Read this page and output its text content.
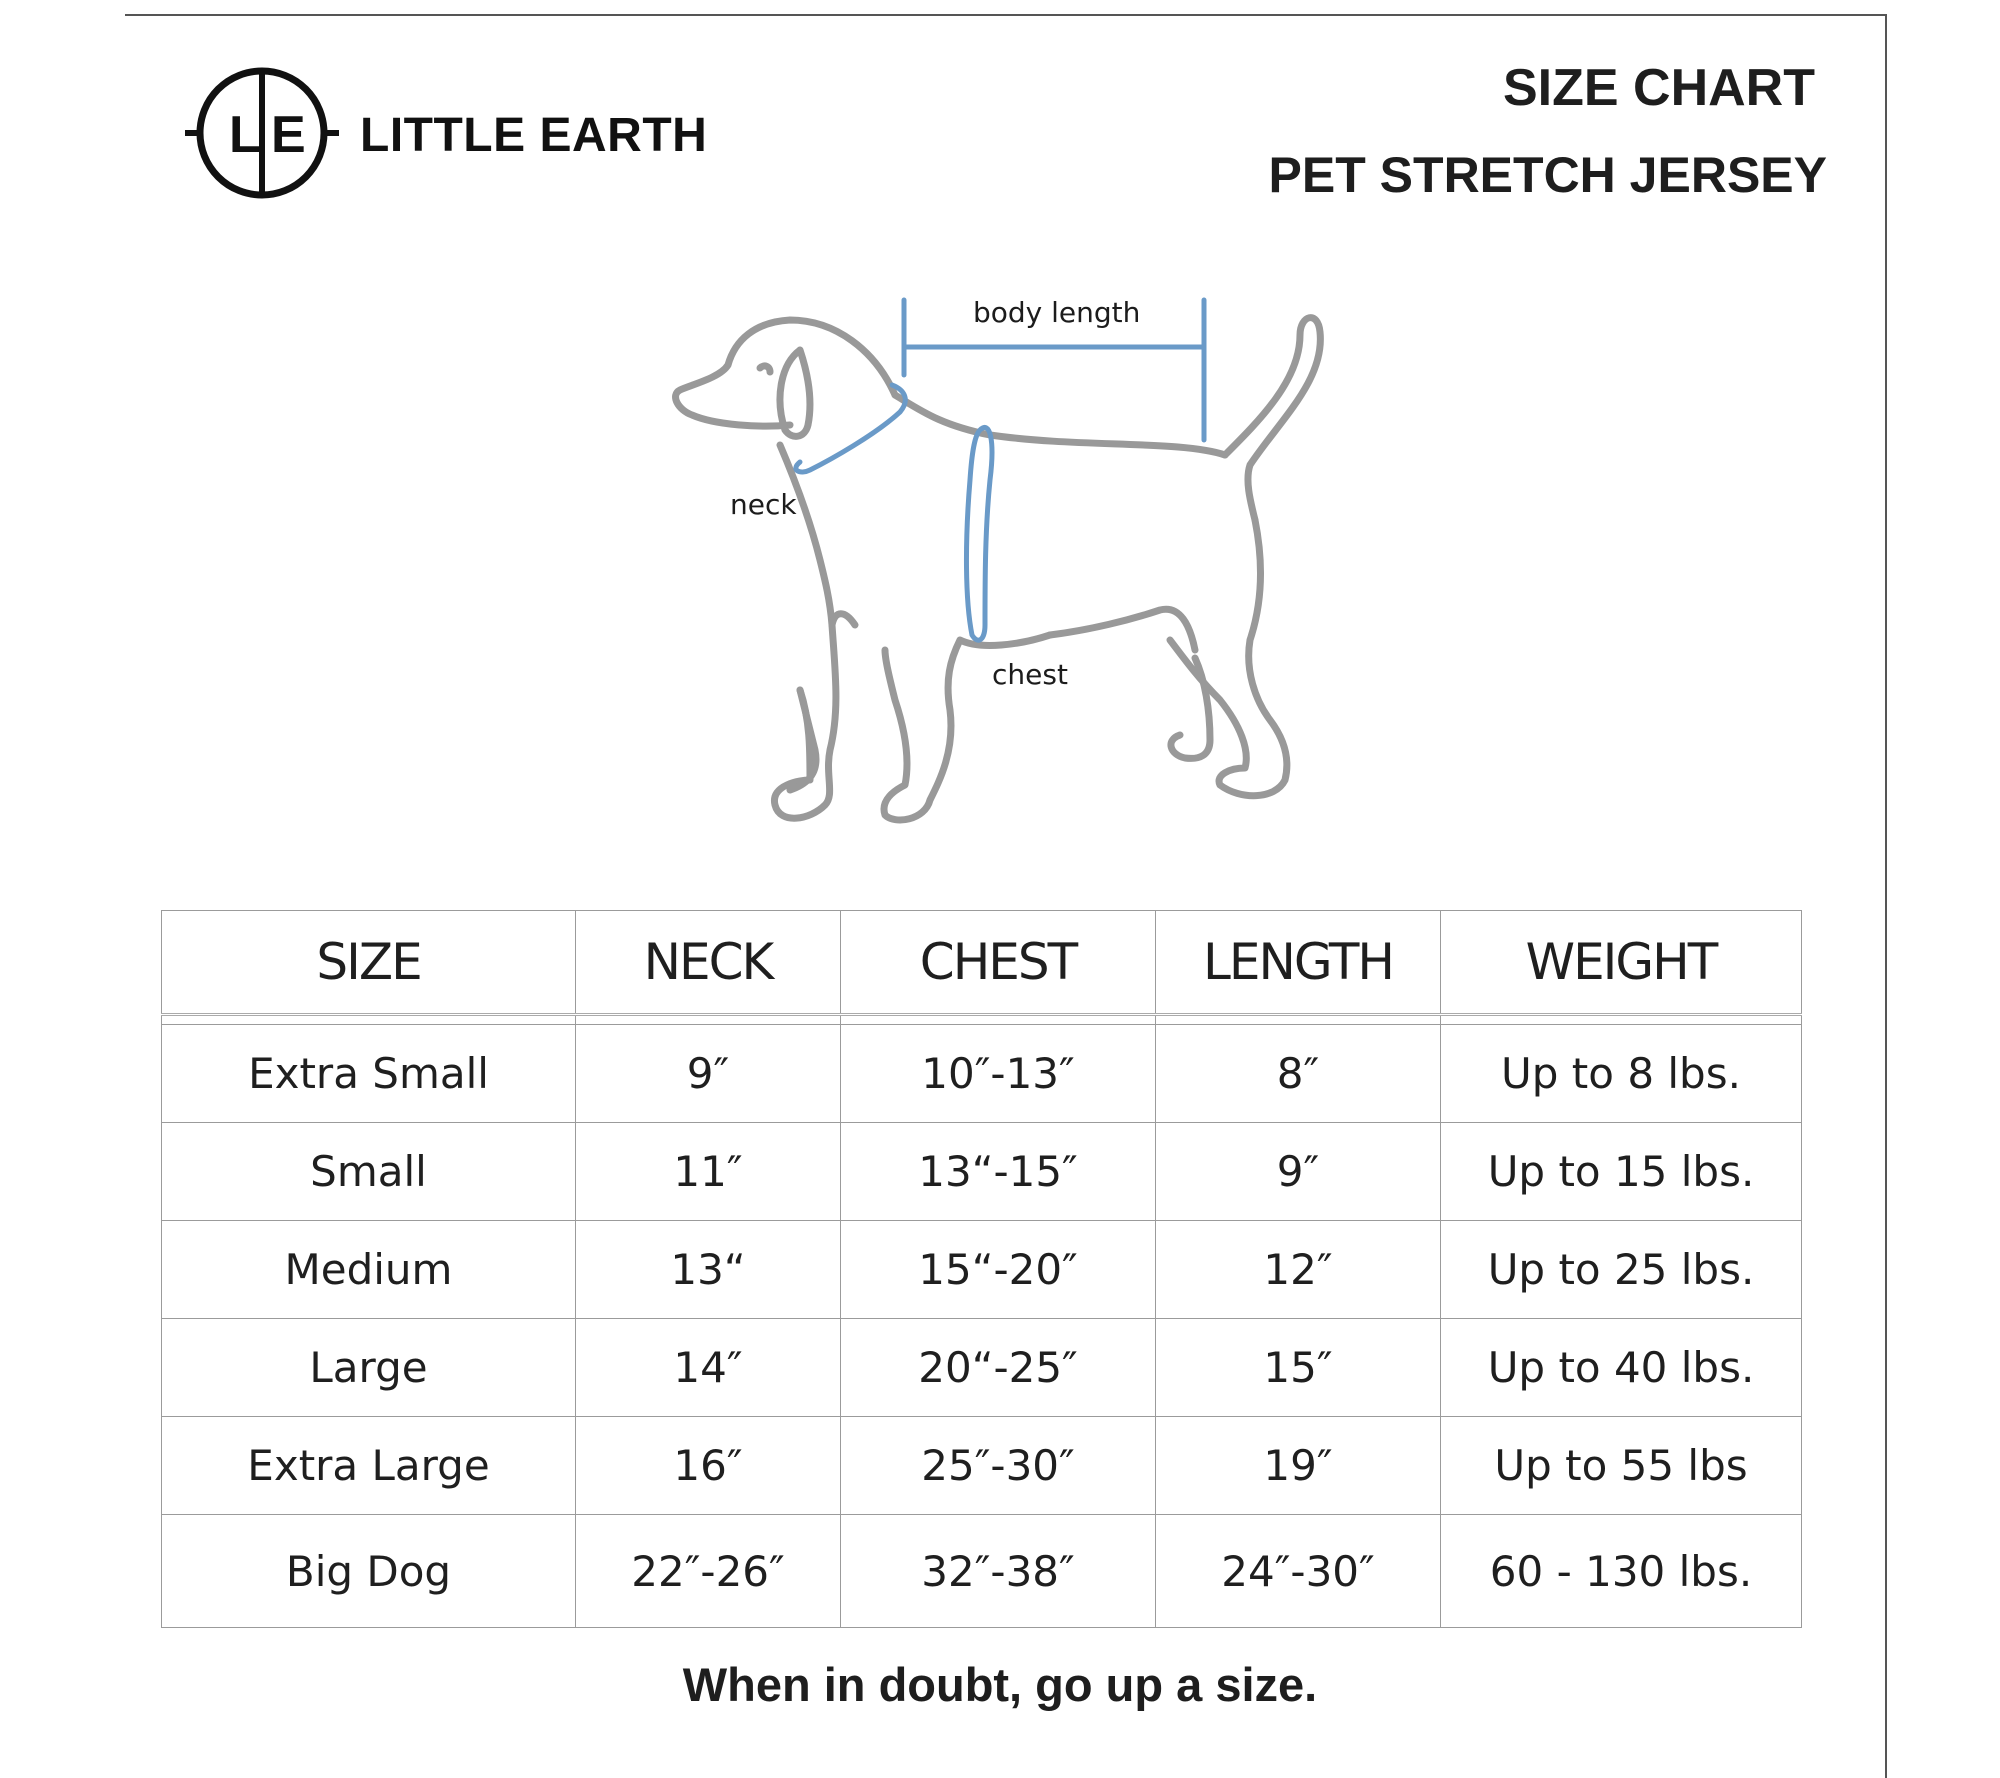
L E LITTLE EARTH
SIZE CHART
PET STRETCH JERSEY
body length
neck
chest
SIZE	NECK	CHEST	LENGTH	WEIGHT

Extra Small	9″	10″-13″	8″	Up to 8 lbs.
Small	11″	13“-15″	9″	Up to 15 lbs.
Medium	13“	15“-20″	12″	Up to 25 lbs.
Large	14″	20“-25″	15″	Up to 40 lbs.
Extra Large	16″	25″-30″	19″	Up to 55 lbs
Big Dog	22″-26″	32″-38″	24″-30″	60 - 130 lbs.
When in doubt, go up a size.
